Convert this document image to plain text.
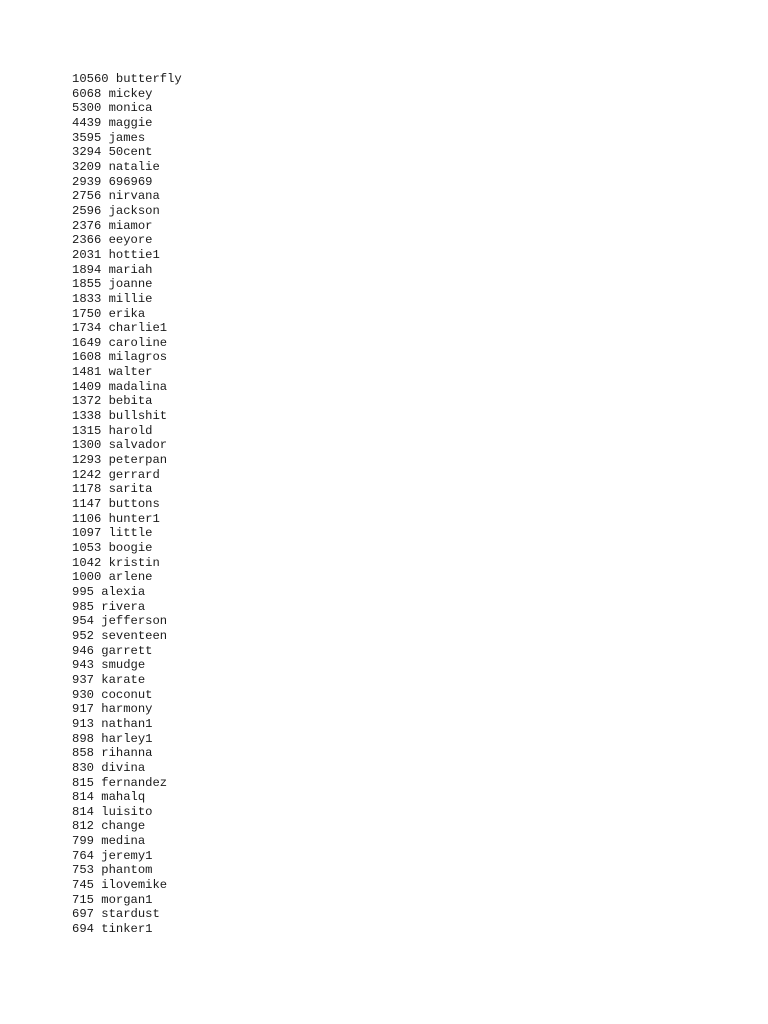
10560 butterfly
6068 mickey
5300 monica
4439 maggie
3595 james
3294 50cent
3209 natalie
2939 696969
2756 nirvana
2596 jackson
2376 miamor
2366 eeyore
2031 hottie1
1894 mariah
1855 joanne
1833 millie
1750 erika
1734 charlie1
1649 caroline
1608 milagros
1481 walter
1409 madalina
1372 bebita
1338 bullshit
1315 harold
1300 salvador
1293 peterpan
1242 gerrard
1178 sarita
1147 buttons
1106 hunter1
1097 little
1053 boogie
1042 kristin
1000 arlene
995 alexia
985 rivera
954 jefferson
952 seventeen
946 garrett
943 smudge
937 karate
930 coconut
917 harmony
913 nathan1
898 harley1
858 rihanna
830 divina
815 fernandez
814 mahalq
814 luisito
812 change
799 medina
764 jeremy1
753 phantom
745 ilovemike
715 morgan1
697 stardust
694 tinker1
